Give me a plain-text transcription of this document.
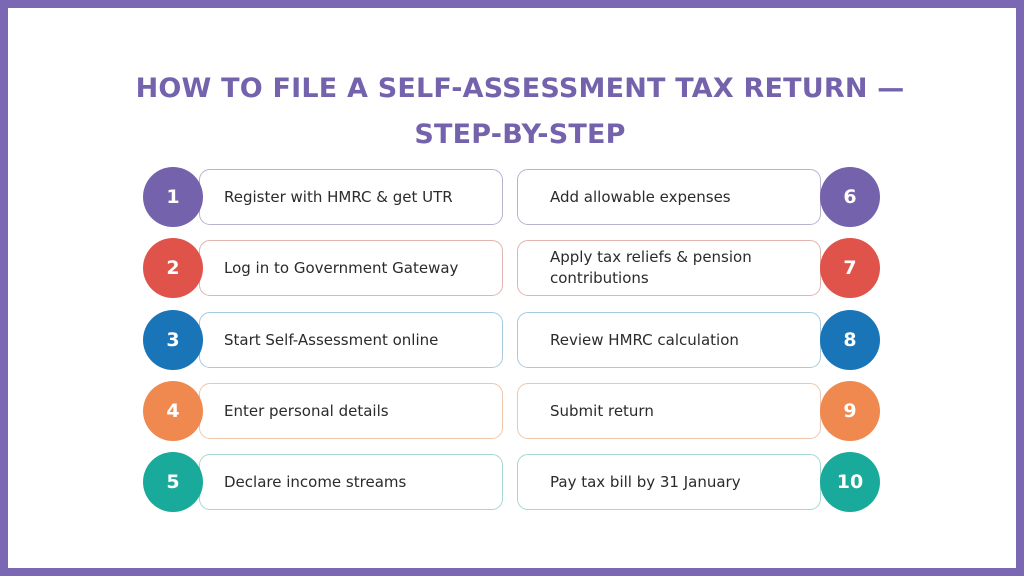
HOW TO FILE A SELF-ASSESSMENT TAX RETURN —
STEP-BY-STEP
Register with HMRC & get UTR
1
Log in to Government Gateway
2
Start Self-Assessment online
3
Enter personal details
4
Declare income streams
5
Add allowable expenses	6
Apply tax reliefs & pension contributions	7
Review HMRC calculation	8
Submit return	9
Pay tax bill by 31 January	10
